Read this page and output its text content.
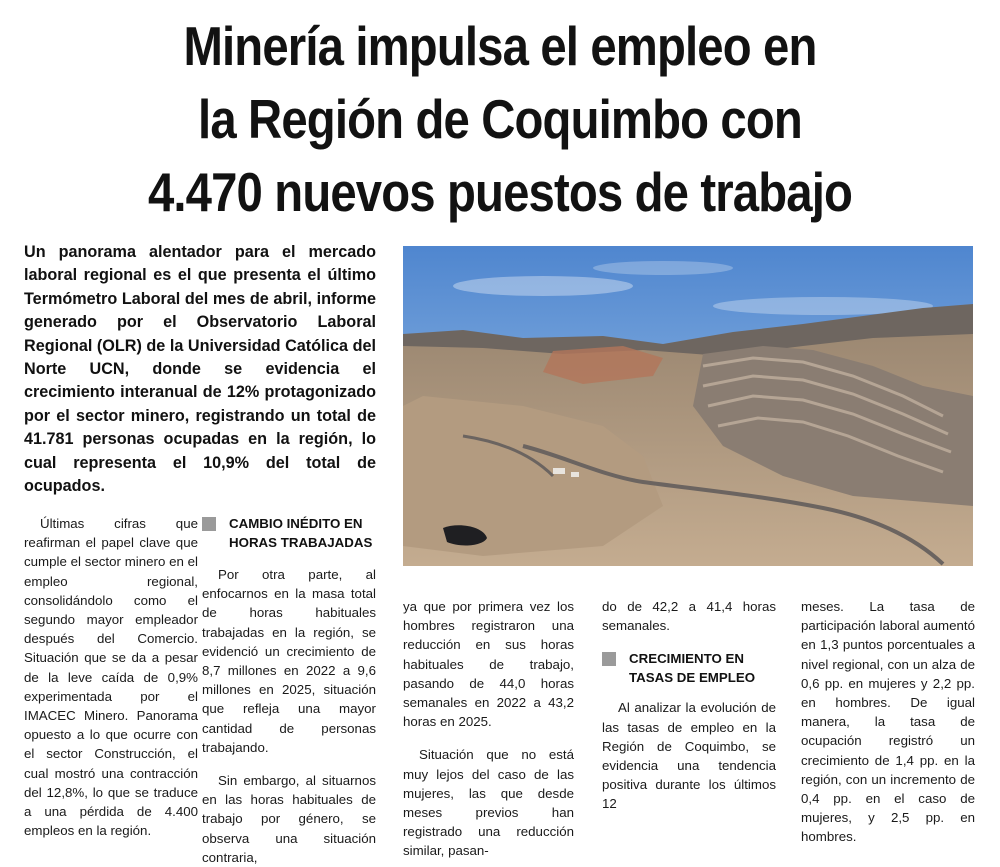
Minería impulsa el empleo en
la Región de Coquimbo con
4.470 nuevos puestos de trabajo

Un panorama alentador para el mercado laboral regional es el que presenta el último Termómetro Laboral del mes de abril, informe generado por el Observatorio Laboral Regional (OLR) de la Universidad Católica del Norte UCN, donde se evidencia el crecimiento interanual de 12% protagonizado por el sector minero, registrando un total de 41.781 personas ocupadas en la región, lo cual representa el 10,9% del total de ocupados.

Últimas cifras que reafirman el papel clave que cumple el sector minero en el empleo regional, consolidándolo como el segundo mayor empleador después del Comercio. Situación que se da a pesar de la leve caída de 0,9% experimentada por el IMACEC Minero. Panorama opuesto a lo que ocurre con el sector Construcción, el cual mostró una contracción del 12,8%, lo que se traduce a una pérdida de 4.400 empleos en la región.

CAMBIO INÉDITO EN HORAS TRABAJADAS

Por otra parte, al enfocarnos en la masa total de horas habituales trabajadas en la región, se evidenció un crecimiento de 8,7 millones en 2022 a 9,6 millones en 2025, situación que refleja una mayor cantidad de personas trabajando.

Sin embargo, al situarnos en las horas habituales de trabajo por género, se observa una situación contraria,

ya que por primera vez los hombres registraron una reducción en sus horas habituales de trabajo, pasando de 44,0 horas semanales en 2022 a 43,2 horas en 2025.

Situación que no está muy lejos del caso de las mujeres, las que desde meses previos han registrado una reducción similar, pasan-

do de 42,2 a 41,4 horas semanales.

CRECIMIENTO EN TASAS DE EMPLEO

Al analizar la evolución de las tasas de empleo en la Región de Coquimbo, se evidencia una tendencia positiva durante los últimos 12

meses. La tasa de participación laboral aumentó en 1,3 puntos porcentuales a nivel regional, con un alza de 0,6 pp. en mujeres y 2,2 pp. en hombres. De igual manera, la tasa de ocupación registró un crecimiento de 1,4 pp. en la región, con un incremento de 0,4 pp. en el caso de mujeres, y 2,5 pp. en hombres.
